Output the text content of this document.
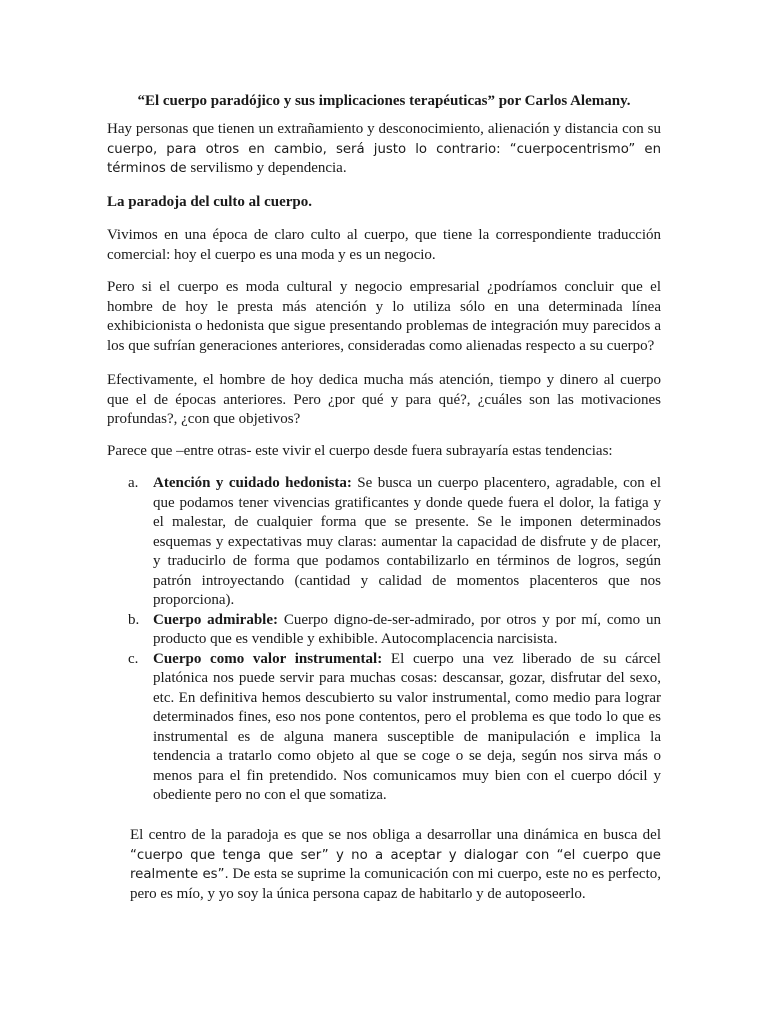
“El cuerpo paradójico y sus implicaciones terapéuticas” por Carlos Alemany.

Hay personas que tienen un extrañamiento y desconocimiento, alienación y distancia con su cuerpo, para otros en cambio, será justo lo contrario: “cuerpocentrismo” en términos de servilismo y dependencia.

La paradoja del culto al cuerpo.

Vivimos en una época de claro culto al cuerpo, que tiene la correspondiente traducción comercial: hoy el cuerpo es una moda y es un negocio.

Pero si el cuerpo es moda cultural y negocio empresarial ¿podríamos concluir que el hombre de hoy le presta más atención y lo utiliza sólo en una determinada línea exhibicionista o hedonista que sigue presentando problemas de integración muy parecidos a los que sufrían generaciones anteriores, consideradas como alienadas respecto a su cuerpo?

Efectivamente, el hombre de hoy dedica mucha más atención, tiempo y dinero al cuerpo que el de épocas anteriores. Pero ¿por qué y para qué?, ¿cuáles son las motivaciones profundas?, ¿con que objetivos?

Parece que –entre otras- este vivir el cuerpo desde fuera subrayaría estas tendencias:

a. Atención y cuidado hedonista: Se busca un cuerpo placentero, agradable, con el que podamos tener vivencias gratificantes y donde quede fuera el dolor, la fatiga y el malestar, de cualquier forma que se presente. Se le imponen determinados esquemas y expectativas muy claras: aumentar la capacidad de disfrute y de placer, y traducirlo de forma que podamos contabilizarlo en términos de logros, según patrón introyectando (cantidad y calidad de momentos placenteros que nos proporciona).
b. Cuerpo admirable: Cuerpo digno-de-ser-admirado, por otros y por mí, como un producto que es vendible y exhibible. Autocomplacencia narcisista.
c. Cuerpo como valor instrumental: El cuerpo una vez liberado de su cárcel platónica nos puede servir para muchas cosas: descansar, gozar, disfrutar del sexo, etc. En definitiva hemos descubierto su valor instrumental, como medio para lograr determinados fines, eso nos pone contentos, pero el problema es que todo lo que es instrumental es de alguna manera susceptible de manipulación e implica la tendencia a tratarlo como objeto al que se coge o se deja, según nos sirva más o menos para el fin pretendido. Nos comunicamos muy bien con el cuerpo dócil y obediente pero no con el que somatiza.

El centro de la paradoja es que se nos obliga a desarrollar una dinámica en busca del “cuerpo que tenga que ser” y no a aceptar y dialogar con “el cuerpo que realmente es”. De esta se suprime la comunicación con mi cuerpo, este no es perfecto, pero es mío, y yo soy la única persona capaz de habitarlo y de autoposeerlo.
